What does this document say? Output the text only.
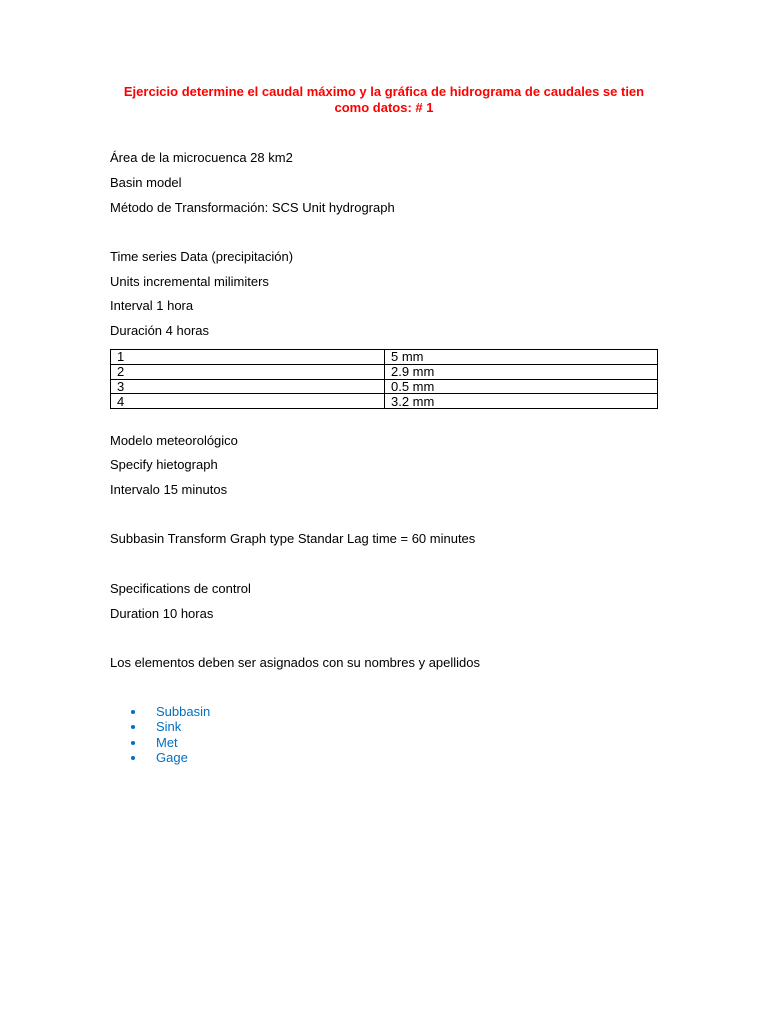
Ejercicio determine el caudal máximo y la gráfica de hidrograma de caudales se tien
como datos: # 1
Área de la microcuenca 28 km2
Basin model
Método de Transformación: SCS Unit hydrograph
Time series Data (precipitación)
Units incremental milimiters
Interval 1 hora
Duración 4 horas
1	5 mm
2	2.9 mm
3	0.5 mm
4	3.2 mm
Modelo meteorológico
Specify hietograph
Intervalo 15 minutos
Subbasin Transform Graph type Standar Lag time = 60 minutes
Specifications de control
Duration 10 horas
Los elementos deben ser asignados con su nombres y apellidos
Subbasin
Sink
Met
Gage
